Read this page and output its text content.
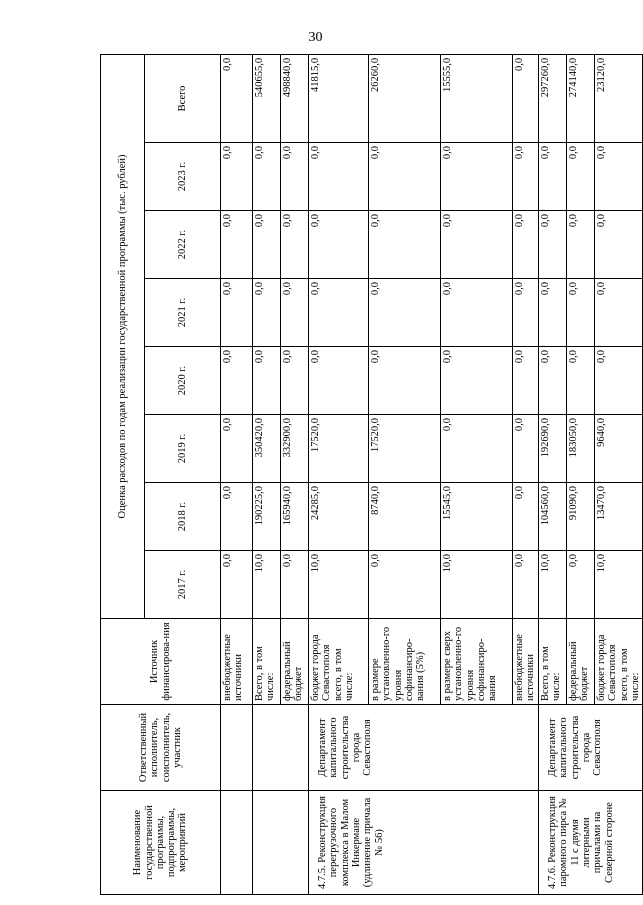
30
Наименование государственной программы, подпрограммы, мероприятий	Ответственный исполнитель, соисполнитель, участник	Источник финансирова-ния	Оценка расходов по годам реализации государственной программы (тыс. рублей)							
			2017 г.	2018 г.	2019 г.	2020 г.	2021 г.	2022 г.	2023 г.	Всего
		внебюджетные источники	0,0	0,0	0,0	0,0	0,0	0,0	0,0	0,0
		Всего, в том числе:	10,0	190225,0	350420,0	0,0	0,0	0,0	0,0	540655,0
		федеральный бюджет	0,0	165940,0	332900,0	0,0	0,0	0,0	0,0	498840,0
4.7.5. Реконструкция перегрузочного комплекса в Малом Инкермане (удлинение причала № 56)	Департамент капитального строительства города Севастополя	бюджет города Севастополя всего, в том числе:	10,0	24285,0	17520,0	0,0	0,0	0,0	0,0	41815,0
		в размере установленно-го уровня софинансиро-вания (5%)	0,0	8740,0	17520,0	0,0	0,0	0,0	0,0	26260,0
		в размере сверх установленно-го уровня софинансиро-вания	10,0	15545,0	0,0	0,0	0,0	0,0	0,0	15555,0
		внебюджетные источники	0,0	0,0	0,0	0,0	0,0	0,0	0,0	0,0
4.7.6. Реконструкция паромного пирса № 11 с двумя литерными причалами на Северной стороне	Департамент капитального строительства города Севастополя	Всего, в том числе:	10,0	104560,0	192690,0	0,0	0,0	0,0	0,0	297260,0
		федеральный бюджет	0,0	91090,0	183050,0	0,0	0,0	0,0	0,0	274140,0
		бюджет города Севастополя всего, в том числе:	10,0	13470,0	9640,0	0,0	0,0	0,0	0,0	23120,0
